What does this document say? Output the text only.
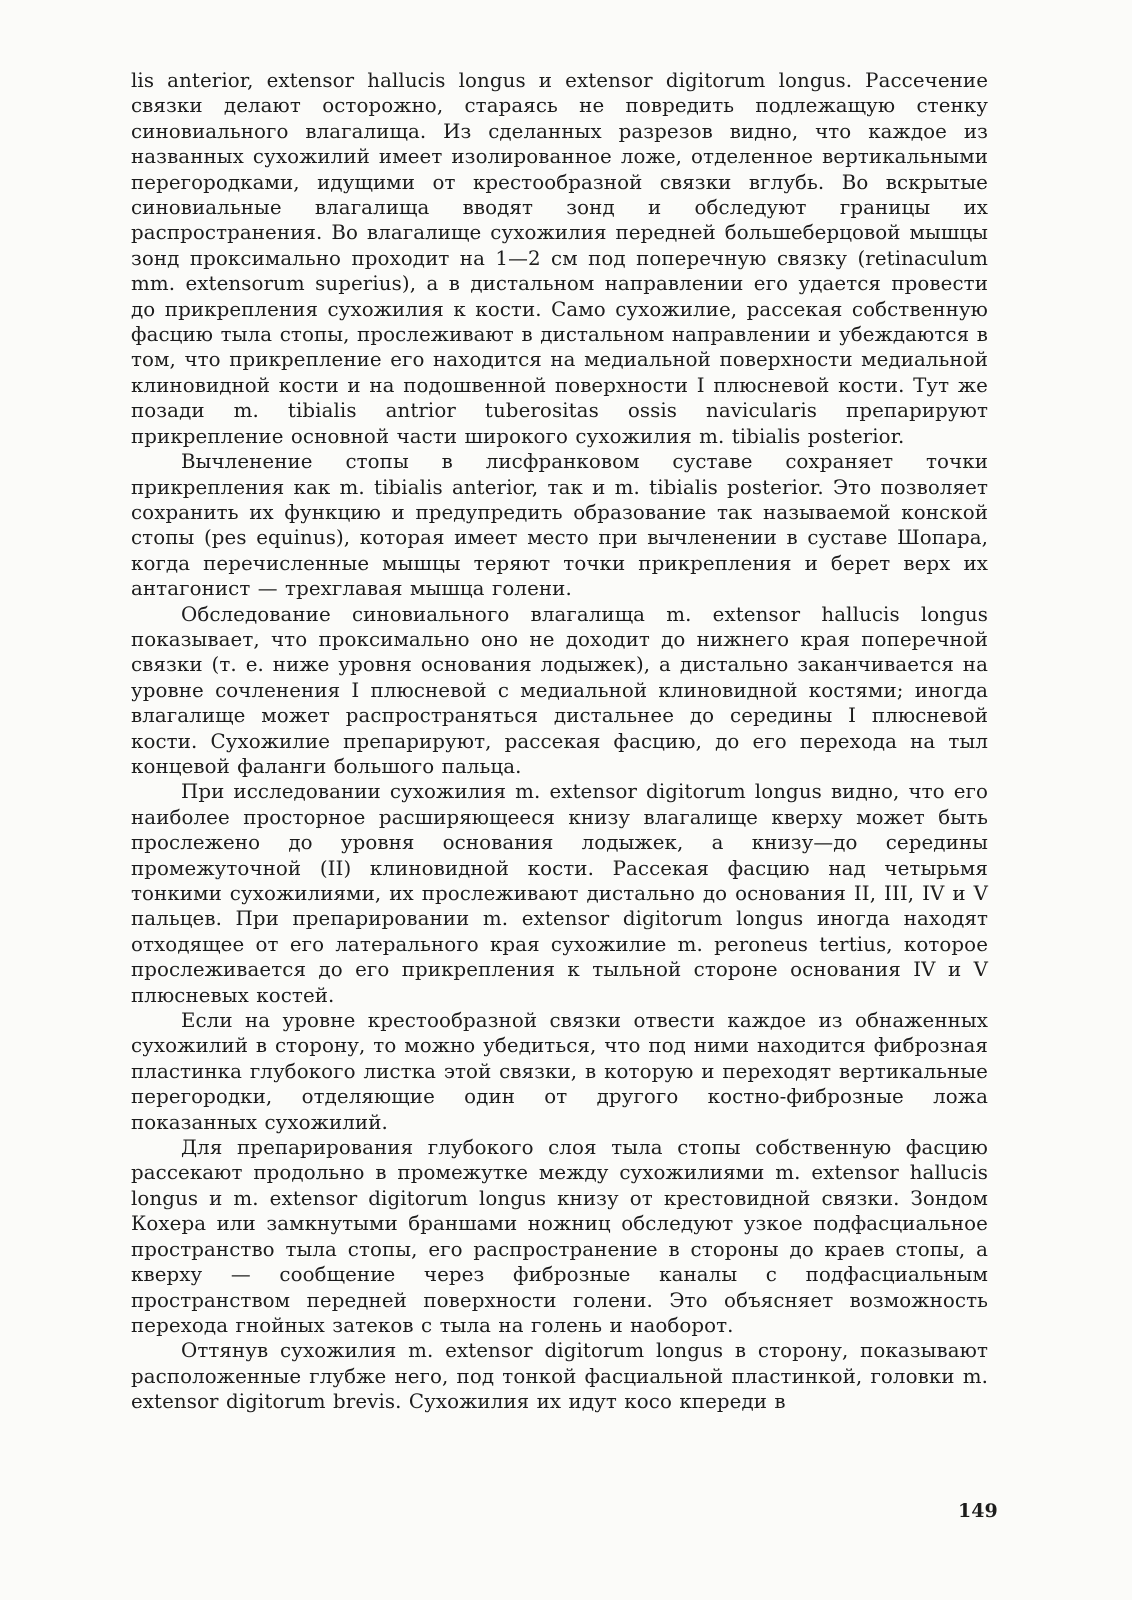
lis anterior, extensor hallucis longus и extensor digitorum longus. Рассечение связки делают осторожно, стараясь не повредить подлежащую стенку синовиального влагалища. Из сделанных разрезов видно, что каждое из названных сухожилий имеет изолированное ложе, отделенное вертикальными перегородками, идущими от крестообразной связки вглубь. Во вскрытые синовиальные влагалища вводят зонд и обследуют границы их распространения. Во влагалище сухожилия передней большеберцовой мышцы зонд проксимально проходит на 1—2 см под поперечную связку (retinaculum mm. extensorum superius), а в дистальном направлении его удается провести до прикрепления сухожилия к кости. Само сухожилие, рассекая собственную фасцию тыла стопы, прослеживают в дистальном направлении и убеждаются в том, что прикрепление его находится на медиальной поверхности медиальной клиновидной кости и на подошвенной поверхности I плюсневой кости. Тут же позади m. tibialis antrior tuberositas ossis navicularis препарируют прикрепление основной части широкого сухожилия m. tibialis posterior.

Вычленение стопы в лисфранковом суставе сохраняет точки прикрепления как m. tibialis anterior, так и m. tibialis posterior. Это позволяет сохранить их функцию и предупредить образование так называемой конской стопы (pes equinus), которая имеет место при вычленении в суставе Шопара, когда перечисленные мышцы теряют точки прикрепления и берет верх их антагонист — трехглавая мышца голени.

Обследование синовиального влагалища m. extensor hallucis longus показывает, что проксимально оно не доходит до нижнего края поперечной связки (т. е. ниже уровня основания лодыжек), а дистально заканчивается на уровне сочленения I плюсневой с медиальной клиновидной костями; иногда влагалище может распространяться дистальнее до середины I плюсневой кости. Сухожилие препарируют, рассекая фасцию, до его перехода на тыл концевой фаланги большого пальца.

При исследовании сухожилия m. extensor digitorum longus видно, что его наиболее просторное расширяющееся книзу влагалище кверху может быть прослежено до уровня основания лодыжек, а книзу—до середины промежуточной (II) клиновидной кости. Рассекая фасцию над четырьмя тонкими сухожилиями, их прослеживают дистально до основания II, III, IV и V пальцев. При препарировании m. extensor digitorum longus иногда находят отходящее от его латерального края сухожилие m. peroneus tertius, которое прослеживается до его прикрепления к тыльной стороне основания IV и V плюсневых костей.

Если на уровне крестообразной связки отвести каждое из обнаженных сухожилий в сторону, то можно убедиться, что под ними находится фиброзная пластинка глубокого листка этой связки, в которую и переходят вертикальные перегородки, отделяющие один от другого костно-фиброзные ложа показанных сухожилий.

Для препарирования глубокого слоя тыла стопы собственную фасцию рассекают продольно в промежутке между сухожилиями m. extensor hallucis longus и m. extensor digitorum longus книзу от крестовидной связки. Зондом Кохера или замкнутыми браншами ножниц обследуют узкое подфасциальное пространство тыла стопы, его распространение в стороны до краев стопы, а кверху — сообщение через фиброзные каналы с подфасциальным пространством передней поверхности голени. Это объясняет возможность перехода гнойных затеков с тыла на голень и наоборот.

Оттянув сухожилия m. extensor digitorum longus в сторону, показывают расположенные глубже него, под тонкой фасциальной пластинкой, головки m. extensor digitorum brevis. Сухожилия их идут косо кпереди в

149
